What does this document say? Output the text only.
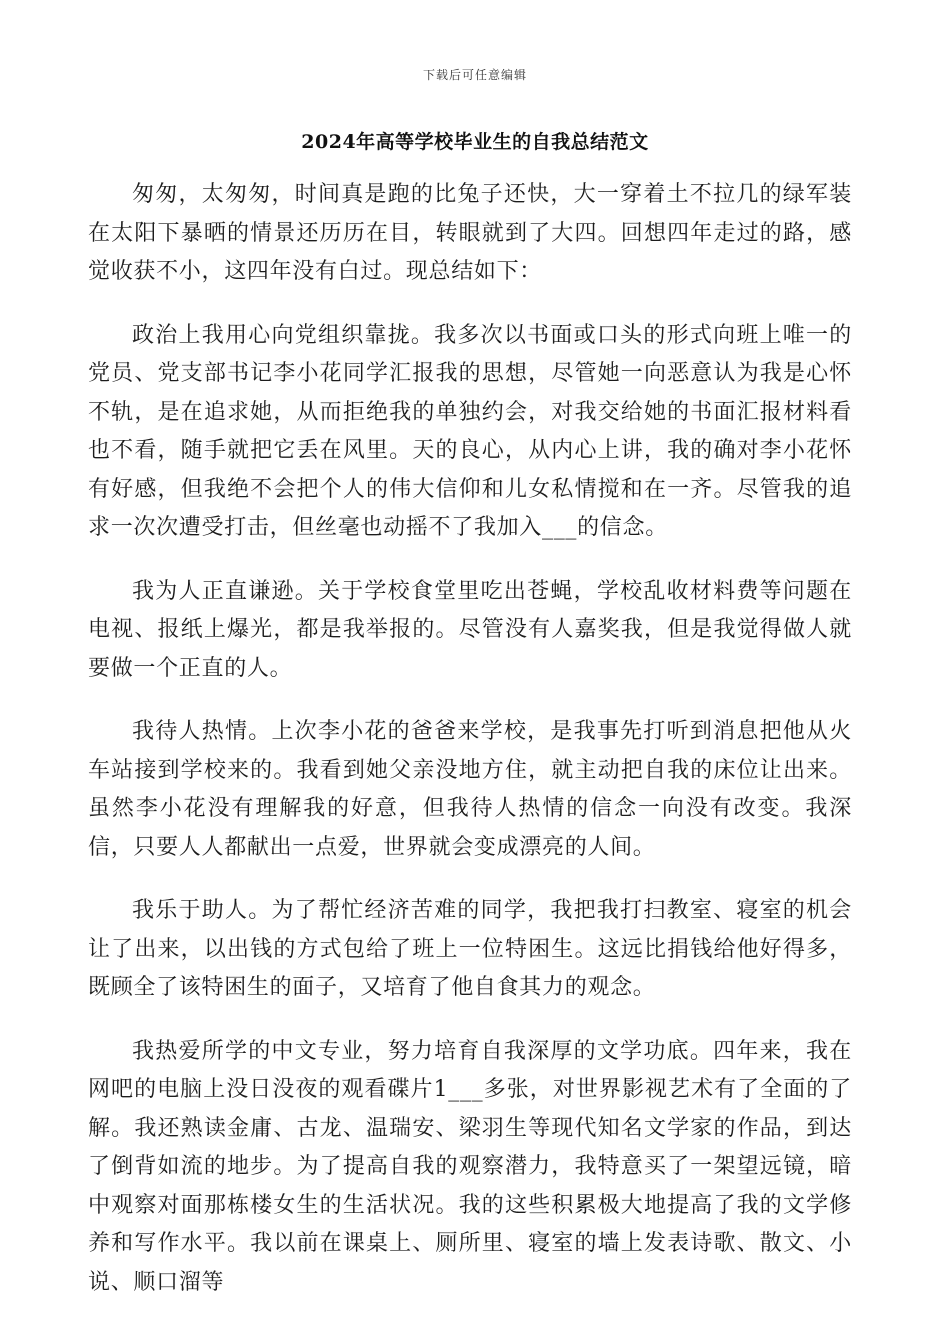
下载后可任意编辑
2024年高等学校毕业生的自我总结范文

匆匆，太匆匆，时间真是跑的比兔子还快，大一穿着土不拉几的绿军装在太阳下暴晒的情景还历历在目，转眼就到了大四。回想四年走过的路，感觉收获不小，这四年没有白过。现总结如下：

政治上我用心向党组织靠拢。我多次以书面或口头的形式向班上唯一的党员、党支部书记李小花同学汇报我的思想，尽管她一向恶意认为我是心怀不轨，是在追求她，从而拒绝我的单独约会，对我交给她的书面汇报材料看也不看，随手就把它丢在风里。天的良心，从内心上讲，我的确对李小花怀有好感，但我绝不会把个人的伟大信仰和儿女私情搅和在一齐。尽管我的追求一次次遭受打击，但丝毫也动摇不了我加入___的信念。

我为人正直谦逊。关于学校食堂里吃出苍蝇，学校乱收材料费等问题在电视、报纸上爆光，都是我举报的。尽管没有人嘉奖我，但是我觉得做人就要做一个正直的人。

我待人热情。上次李小花的爸爸来学校，是我事先打听到消息把他从火车站接到学校来的。我看到她父亲没地方住，就主动把自我的床位让出来。虽然李小花没有理解我的好意，但我待人热情的信念一向没有改变。我深信，只要人人都献出一点爱，世界就会变成漂亮的人间。

我乐于助人。为了帮忙经济苦难的同学，我把我打扫教室、寝室的机会让了出来，以出钱的方式包给了班上一位特困生。这远比捐钱给他好得多，既顾全了该特困生的面子，又培育了他自食其力的观念。

我热爱所学的中文专业，努力培育自我深厚的文学功底。四年来，我在网吧的电脑上没日没夜的观看碟片1___多张，对世界影视艺术有了全面的了解。我还熟读金庸、古龙、温瑞安、梁羽生等现代知名文学家的作品，到达了倒背如流的地步。为了提高自我的观察潜力，我特意买了一架望远镜，暗中观察对面那栋楼女生的生活状况。我的这些积累极大地提高了我的文学修养和写作水平。我以前在课桌上、厕所里、寝室的墙上发表诗歌、散文、小说、顺口溜等
